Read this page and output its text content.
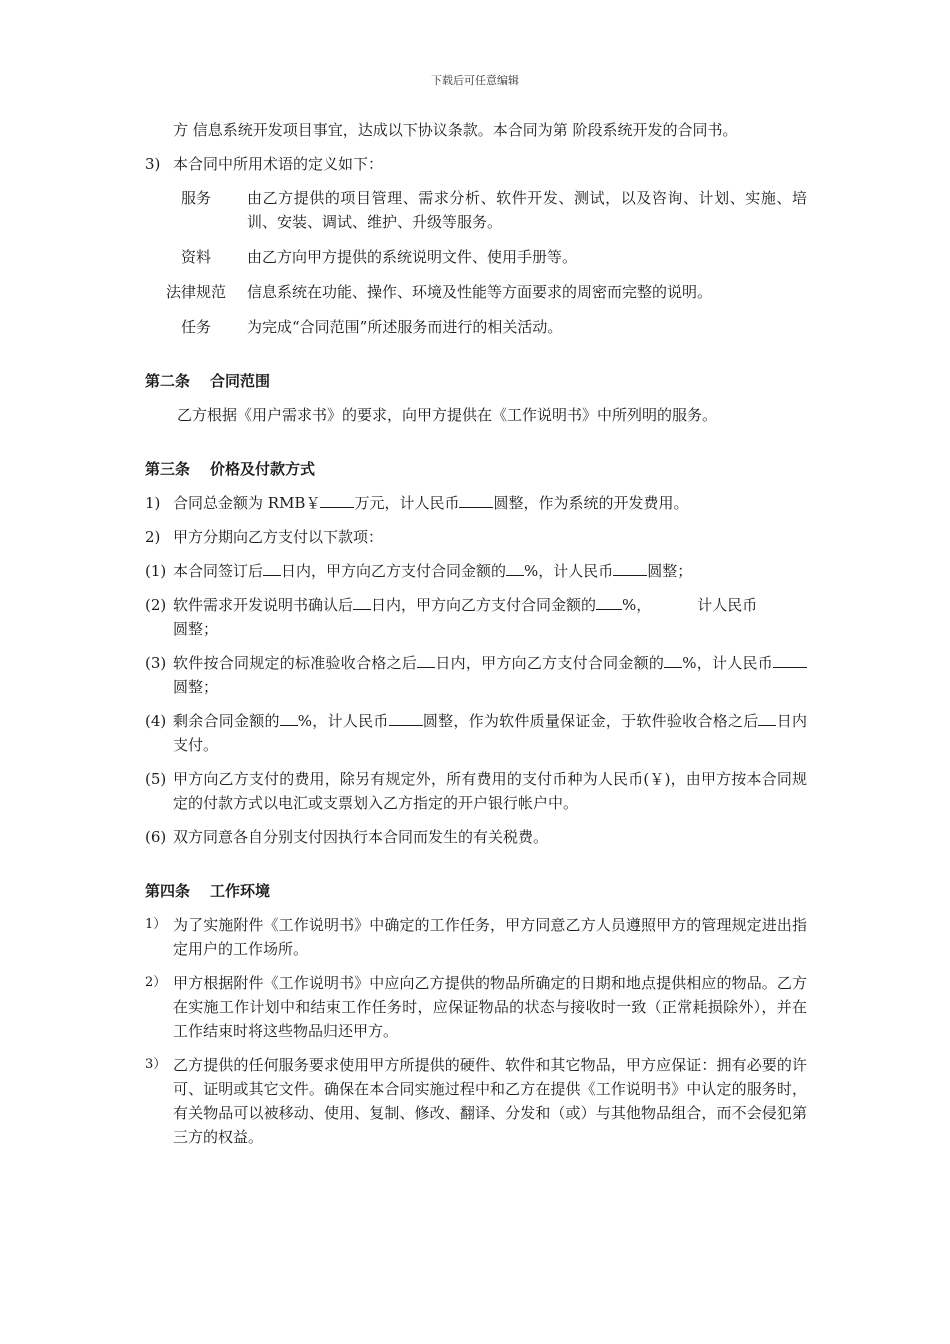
下载后可任意编辑

方 信息系统开发项目事宜，达成以下协议条款。本合同为第 阶段系统开发的合同书。

3) 本合同中所用术语的定义如下：
服务	由乙方提供的项目管理、需求分析、软件开发、测试，以及咨询、计划、实施、培训、安装、调试、维护、升级等服务。
资料	由乙方向甲方提供的系统说明文件、使用手册等。
法律规范	信息系统在功能、操作、环境及性能等方面要求的周密而完整的说明。
任务	为完成“合同范围”所述服务而进行的相关活动。
第二条 合同范围

乙方根据《用户需求书》的要求，向甲方提供在《工作说明书》中所列明的服务。

第三条 价格及付款方式
1) 合同总金额为 RMB￥ 万元，计人民币 圆整，作为系统的开发费用。
2) 甲方分期向乙方支付以下款项：
(1) 本合同签订后 日内，甲方向乙方支付合同金额的 %，计人民币 圆整；
(2) 软件需求开发说明书确认后 日内，甲方向乙方支付合同金额的 %，	计人民币
圆整；
(3) 软件按合同规定的标准验收合格之后 日内，甲方向乙方支付合同金额的 %，计人民币圆整；
(4) 剩余合同金额的 %，计人民币 圆整，作为软件质量保证金，于软件验收合格之后 日内支付。
(5) 甲方向乙方支付的费用，除另有规定外，所有费用的支付币种为人民币(￥)，由甲方按本合同规定的付款方式以电汇或支票划入乙方指定的开户银行帐户中。
(6) 双方同意各自分别支付因执行本合同而发生的有关税费。
第四条 工作环境
1） 为了实施附件《工作说明书》中确定的工作任务，甲方同意乙方人员遵照甲方的管理规定进出指定用户的工作场所。
2） 甲方根据附件《工作说明书》中应向乙方提供的物品所确定的日期和地点提供相应的物品。乙方在实施工作计划中和结束工作任务时，应保证物品的状态与接收时一致（正常耗损除外），并在工作结束时将这些物品归还甲方。
3） 乙方提供的任何服务要求使用甲方所提供的硬件、软件和其它物品，甲方应保证：拥有必要的许可、证明或其它文件。确保在本合同实施过程中和乙方在提供《工作说明书》中认定的服务时，有关物品可以被移动、使用、复制、修改、翻译、分发和（或）与其他物品组合，而不会侵犯第三方的权益。
